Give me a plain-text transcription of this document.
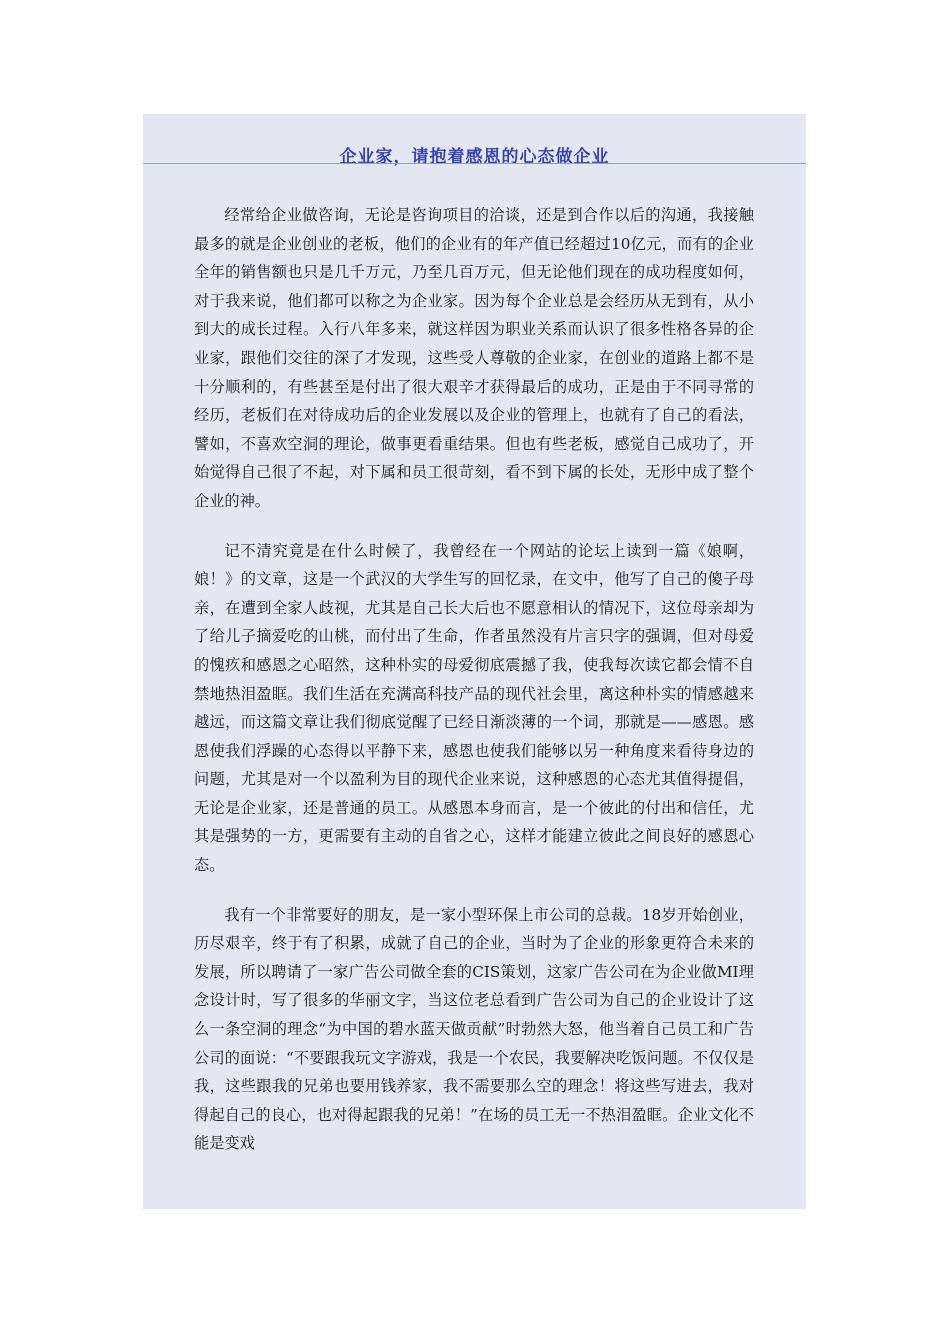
企业家，请抱着感恩的心态做企业

经常给企业做咨询，无论是咨询项目的洽谈，还是到合作以后的沟通，我接触最多的就是企业创业的老板，他们的企业有的年产值已经超过10亿元，而有的企业全年的销售额也只是几千万元，乃至几百万元，但无论他们现在的成功程度如何，对于我来说，他们都可以称之为企业家。因为每个企业总是会经历从无到有，从小到大的成长过程。入行八年多来，就这样因为职业关系而认识了很多性格各异的企业家，跟他们交往的深了才发现，这些受人尊敬的企业家，在创业的道路上都不是十分顺利的，有些甚至是付出了很大艰辛才获得最后的成功，正是由于不同寻常的经历，老板们在对待成功后的企业发展以及企业的管理上，也就有了自己的看法，譬如，不喜欢空洞的理论，做事更看重结果。但也有些老板，感觉自己成功了，开始觉得自己很了不起，对下属和员工很苛刻，看不到下属的长处，无形中成了整个企业的神。

记不清究竟是在什么时候了，我曾经在一个网站的论坛上读到一篇《娘啊，娘！》的文章，这是一个武汉的大学生写的回忆录，在文中，他写了自己的傻子母亲，在遭到全家人歧视，尤其是自己长大后也不愿意相认的情况下，这位母亲却为了给儿子摘爱吃的山桃，而付出了生命，作者虽然没有片言只字的强调，但对母爱的愧疚和感恩之心昭然，这种朴实的母爱彻底震撼了我，使我每次读它都会情不自禁地热泪盈眶。我们生活在充满高科技产品的现代社会里，离这种朴实的情感越来越远，而这篇文章让我们彻底觉醒了已经日渐淡薄的一个词，那就是——感恩。感恩使我们浮躁的心态得以平静下来，感恩也使我们能够以另一种角度来看待身边的问题，尤其是对一个以盈利为目的现代企业来说，这种感恩的心态尤其值得提倡，无论是企业家，还是普通的员工。从感恩本身而言，是一个彼此的付出和信任，尤其是强势的一方，更需要有主动的自省之心，这样才能建立彼此之间良好的感恩心态。

我有一个非常要好的朋友，是一家小型环保上市公司的总裁。18岁开始创业，历尽艰辛，终于有了积累，成就了自己的企业，当时为了企业的形象更符合未来的发展，所以聘请了一家广告公司做全套的CIS策划，这家广告公司在为企业做MI理念设计时，写了很多的华丽文字，当这位老总看到广告公司为自己的企业设计了这么一条空洞的理念“为中国的碧水蓝天做贡献”时勃然大怒，他当着自己员工和广告公司的面说：“不要跟我玩文字游戏，我是一个农民，我要解决吃饭问题。不仅仅是我，这些跟我的兄弟也要用钱养家，我不需要那么空的理念！将这些写进去，我对得起自己的良心，也对得起跟我的兄弟！”在场的员工无一不热泪盈眶。企业文化不能是变戏
